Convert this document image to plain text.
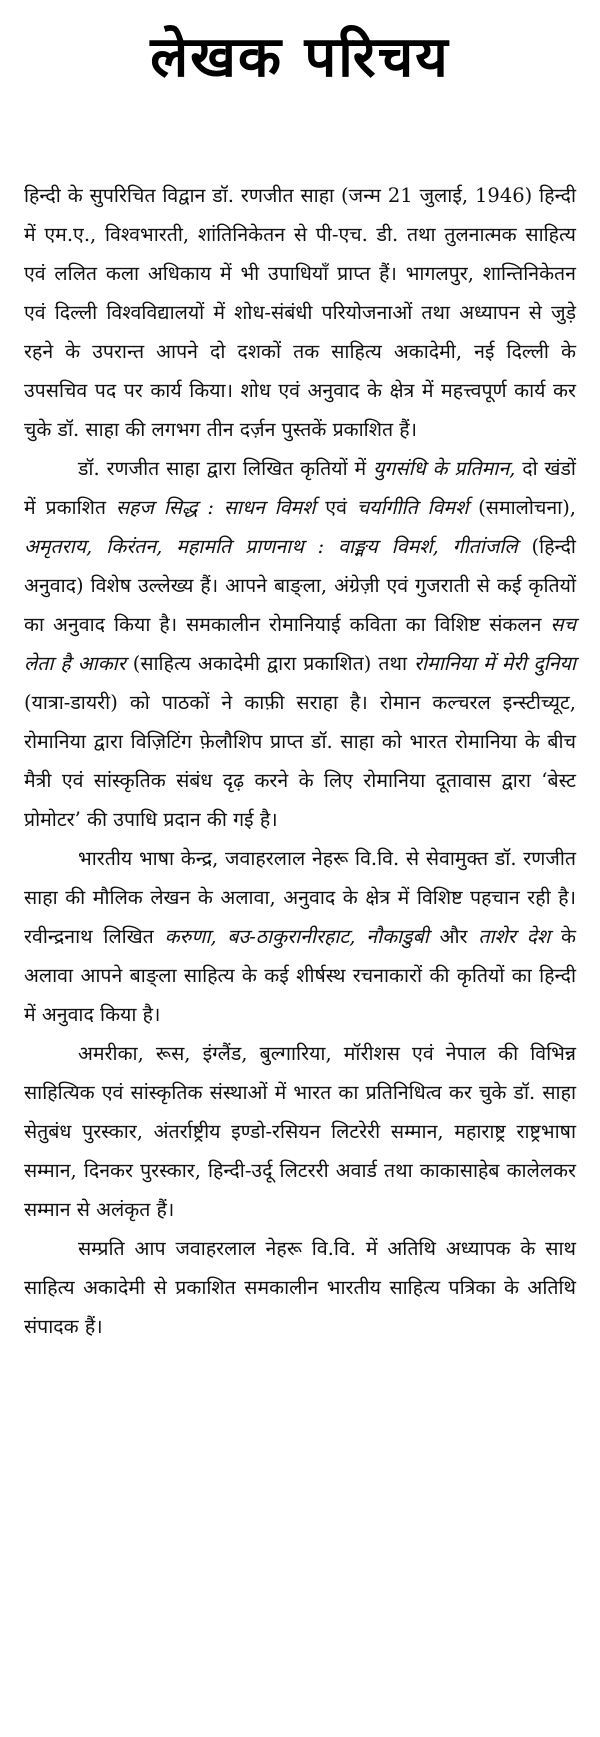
लेखक परिचय

हिन्दी के सुपरिचित विद्वान डॉ. रणजीत साहा (जन्म 21 जुलाई, 1946) हिन्दी में एम.ए., विश्वभारती, शांतिनिकेतन से पी-एच. डी. तथा तुलनात्मक साहित्य एवं ललित कला अधिकाय में भी उपाधियाँ प्राप्त हैं। भागलपुर, शान्तिनिकेतन एवं दिल्ली विश्वविद्यालयों में शोध-संबंधी परियोजनाओं तथा अध्यापन से जुड़े रहने के उपरान्त आपने दो दशकों तक साहित्य अकादेमी, नई दिल्ली के उपसचिव पद पर कार्य किया। शोध एवं अनुवाद के क्षेत्र में महत्त्वपूर्ण कार्य कर चुके डॉ. साहा की लगभग तीन दर्ज़न पुस्तकें प्रकाशित हैं।

डॉ. रणजीत साहा द्वारा लिखित कृतियों में युगसंधि के प्रतिमान, दो खंडों में प्रकाशित सहज सिद्ध : साधन विमर्श एवं चर्यागीति विमर्श (समालोचना), अमृतराय, किरंतन, महामति प्राणनाथ : वाङ्मय विमर्श, गीतांजलि (हिन्दी अनुवाद) विशेष उल्लेख्य हैं। आपने बाङ्ला, अंग्रेज़ी एवं गुजराती से कई कृतियों का अनुवाद किया है। समकालीन रोमानियाई कविता का विशिष्ट संकलन सच लेता है आकार (साहित्य अकादेमी द्वारा प्रकाशित) तथा रोमानिया में मेरी दुनिया (यात्रा-डायरी) को पाठकों ने काफ़ी सराहा है। रोमान कल्चरल इन्स्टीच्यूट, रोमानिया द्वारा विज़िटिंग फ़ेलौशिप प्राप्त डॉ. साहा को भारत रोमानिया के बीच मैत्री एवं सांस्कृतिक संबंध दृढ़ करने के लिए रोमानिया दूतावास द्वारा ‘बेस्ट प्रोमोटर’ की उपाधि प्रदान की गई है।

भारतीय भाषा केन्द्र, जवाहरलाल नेहरू वि.वि. से सेवामुक्त डॉ. रणजीत साहा की मौलिक लेखन के अलावा, अनुवाद के क्षेत्र में विशिष्ट पहचान रही है। रवीन्द्रनाथ लिखित करुणा, बउ-ठाकुरानीरहाट, नौकाडुबी और ताशेर देश के अलावा आपने बाङ्ला साहित्य के कई शीर्षस्थ रचनाकारों की कृतियों का हिन्दी में अनुवाद किया है।

अमरीका, रूस, इंग्लैंड, बुल्गारिया, मॉरीशस एवं नेपाल की विभिन्न साहित्यिक एवं सांस्कृतिक संस्थाओं में भारत का प्रतिनिधित्व कर चुके डॉ. साहा सेतुबंध पुरस्कार, अंतर्राष्ट्रीय इण्डो-रसियन लिटरेरी सम्मान, महाराष्ट्र राष्ट्रभाषा सम्मान, दिनकर पुरस्कार, हिन्दी-उर्दू लिटररी अवार्ड तथा काकासाहेब कालेलकर सम्मान से अलंकृत हैं।

सम्प्रति आप जवाहरलाल नेहरू वि.वि. में अतिथि अध्यापक के साथ साहित्य अकादेमी से प्रकाशित समकालीन भारतीय साहित्य पत्रिका के अतिथि संपादक हैं।
